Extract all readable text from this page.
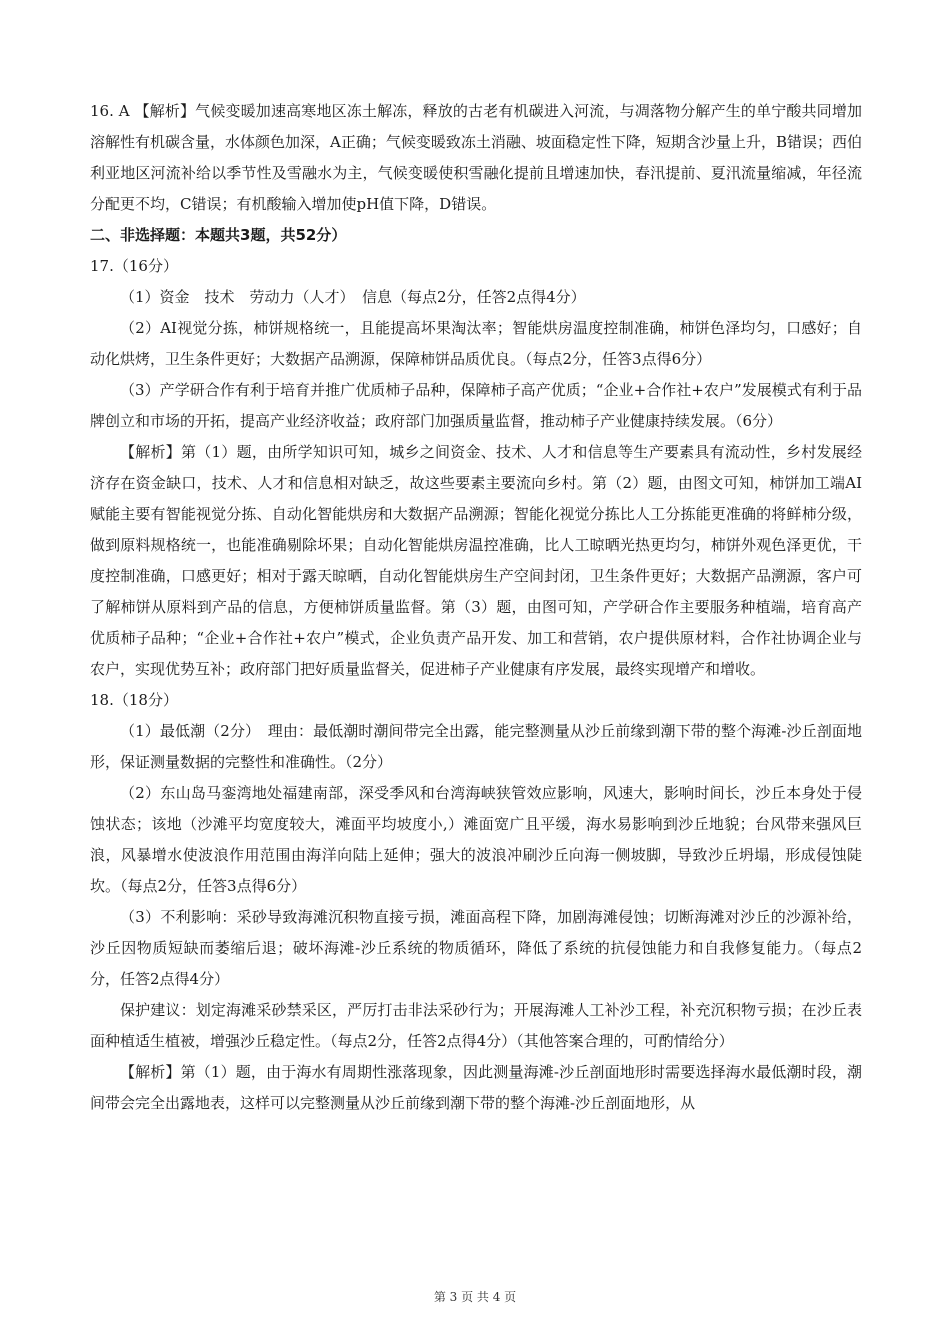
16. A 【解析】气候变暖加速高寒地区冻土解冻，释放的古老有机碳进入河流，与凋落物分解产生的单宁酸共同增加溶解性有机碳含量，水体颜色加深，A正确；气候变暖致冻土消融、坡面稳定性下降，短期含沙量上升，B错误；西伯利亚地区河流补给以季节性及雪融水为主，气候变暖使积雪融化提前且增速加快，春汛提前、夏汛流量缩减，年径流分配更不均，C错误；有机酸输入增加使pH值下降，D错误。

二、非选择题：本题共3题，共52分）

17.（16分）

（1）资金　技术　劳动力（人才）　信息（每点2分，任答2点得4分）

（2）AI视觉分拣，柿饼规格统一，且能提高坏果淘汰率；智能烘房温度控制准确，柿饼色泽均匀，口感好；自动化烘烤，卫生条件更好；大数据产品溯源，保障柿饼品质优良。（每点2分，任答3点得6分）

（3）产学研合作有利于培育并推广优质柿子品种，保障柿子高产优质；“企业+合作社+农户”发展模式有利于品牌创立和市场的开拓，提高产业经济收益；政府部门加强质量监督，推动柿子产业健康持续发展。（6分）

【解析】第（1）题，由所学知识可知，城乡之间资金、技术、人才和信息等生产要素具有流动性，乡村发展经济存在资金缺口，技术、人才和信息相对缺乏，故这些要素主要流向乡村。第（2）题，由图文可知，柿饼加工端AI赋能主要有智能视觉分拣、自动化智能烘房和大数据产品溯源；智能化视觉分拣比人工分拣能更准确的将鲜柿分级，做到原料规格统一，也能准确剔除坏果；自动化智能烘房温控准确，比人工晾晒光热更均匀，柿饼外观色泽更优，干度控制准确，口感更好；相对于露天晾晒，自动化智能烘房生产空间封闭，卫生条件更好；大数据产品溯源，客户可了解柿饼从原料到产品的信息，方便柿饼质量监督。第（3）题，由图可知，产学研合作主要服务种植端，培育高产优质柿子品种；“企业+合作社+农户”模式，企业负责产品开发、加工和营销，农户提供原材料，合作社协调企业与农户，实现优势互补；政府部门把好质量监督关，促进柿子产业健康有序发展，最终实现增产和增收。

18.（18分）

（1）最低潮（2分）　理由：最低潮时潮间带完全出露，能完整测量从沙丘前缘到潮下带的整个海滩-沙丘剖面地形，保证测量数据的完整性和准确性。（2分）

（2）东山岛马銮湾地处福建南部，深受季风和台湾海峡狭管效应影响，风速大，影响时间长，沙丘本身处于侵蚀状态；该地（沙滩平均宽度较大，滩面平均坡度小,）滩面宽广且平缓，海水易影响到沙丘地貌；台风带来强风巨浪，风暴增水使波浪作用范围由海洋向陆上延伸；强大的波浪冲刷沙丘向海一侧坡脚，导致沙丘坍塌，形成侵蚀陡坎。（每点2分，任答3点得6分）

（3）不利影响：采砂导致海滩沉积物直接亏损，滩面高程下降，加剧海滩侵蚀；切断海滩对沙丘的沙源补给，沙丘因物质短缺而萎缩后退；破坏海滩-沙丘系统的物质循环，降低了系统的抗侵蚀能力和自我修复能力。（每点2分，任答2点得4分）

保护建议：划定海滩采砂禁采区，严厉打击非法采砂行为；开展海滩人工补沙工程，补充沉积物亏损；在沙丘表面种植适生植被，增强沙丘稳定性。（每点2分，任答2点得4分）（其他答案合理的，可酌情给分）

【解析】第（1）题，由于海水有周期性涨落现象，因此测量海滩-沙丘剖面地形时需要选择海水最低潮时段，潮间带会完全出露地表，这样可以完整测量从沙丘前缘到潮下带的整个海滩-沙丘剖面地形，从

第 3 页 共 4 页
